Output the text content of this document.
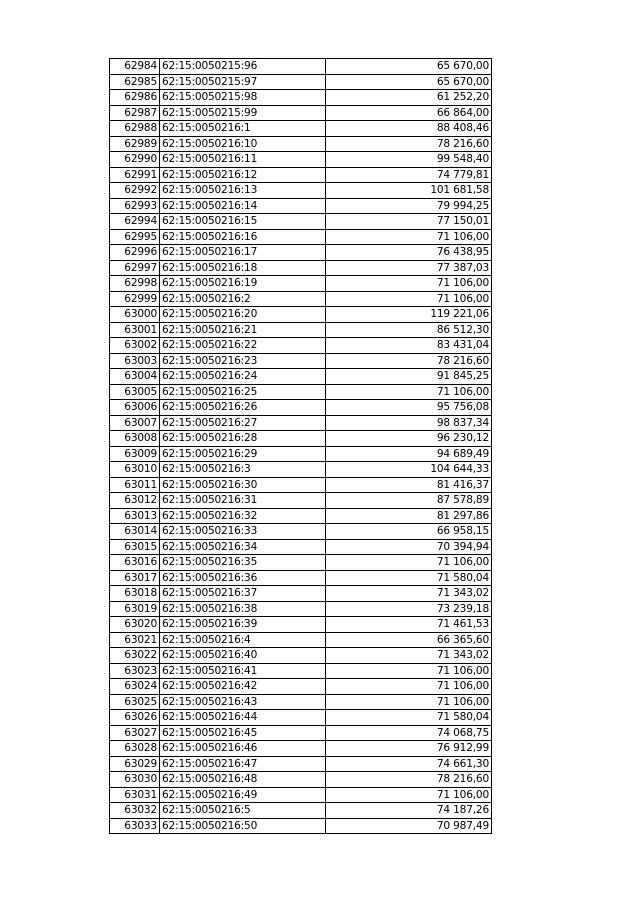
62984	62:15:0050215:96	65 670,00
62985	62:15:0050215:97	65 670,00
62986	62:15:0050215:98	61 252,20
62987	62:15:0050215:99	66 864,00
62988	62:15:0050216:1	88 408,46
62989	62:15:0050216:10	78 216,60
62990	62:15:0050216:11	99 548,40
62991	62:15:0050216:12	74 779,81
62992	62:15:0050216:13	101 681,58
62993	62:15:0050216:14	79 994,25
62994	62:15:0050216:15	77 150,01
62995	62:15:0050216:16	71 106,00
62996	62:15:0050216:17	76 438,95
62997	62:15:0050216:18	77 387,03
62998	62:15:0050216:19	71 106,00
62999	62:15:0050216:2	71 106,00
63000	62:15:0050216:20	119 221,06
63001	62:15:0050216:21	86 512,30
63002	62:15:0050216:22	83 431,04
63003	62:15:0050216:23	78 216,60
63004	62:15:0050216:24	91 845,25
63005	62:15:0050216:25	71 106,00
63006	62:15:0050216:26	95 756,08
63007	62:15:0050216:27	98 837,34
63008	62:15:0050216:28	96 230,12
63009	62:15:0050216:29	94 689,49
63010	62:15:0050216:3	104 644,33
63011	62:15:0050216:30	81 416,37
63012	62:15:0050216:31	87 578,89
63013	62:15:0050216:32	81 297,86
63014	62:15:0050216:33	66 958,15
63015	62:15:0050216:34	70 394,94
63016	62:15:0050216:35	71 106,00
63017	62:15:0050216:36	71 580,04
63018	62:15:0050216:37	71 343,02
63019	62:15:0050216:38	73 239,18
63020	62:15:0050216:39	71 461,53
63021	62:15:0050216:4	66 365,60
63022	62:15:0050216:40	71 343,02
63023	62:15:0050216:41	71 106,00
63024	62:15:0050216:42	71 106,00
63025	62:15:0050216:43	71 106,00
63026	62:15:0050216:44	71 580,04
63027	62:15:0050216:45	74 068,75
63028	62:15:0050216:46	76 912,99
63029	62:15:0050216:47	74 661,30
63030	62:15:0050216:48	78 216,60
63031	62:15:0050216:49	71 106,00
63032	62:15:0050216:5	74 187,26
63033	62:15:0050216:50	70 987,49
